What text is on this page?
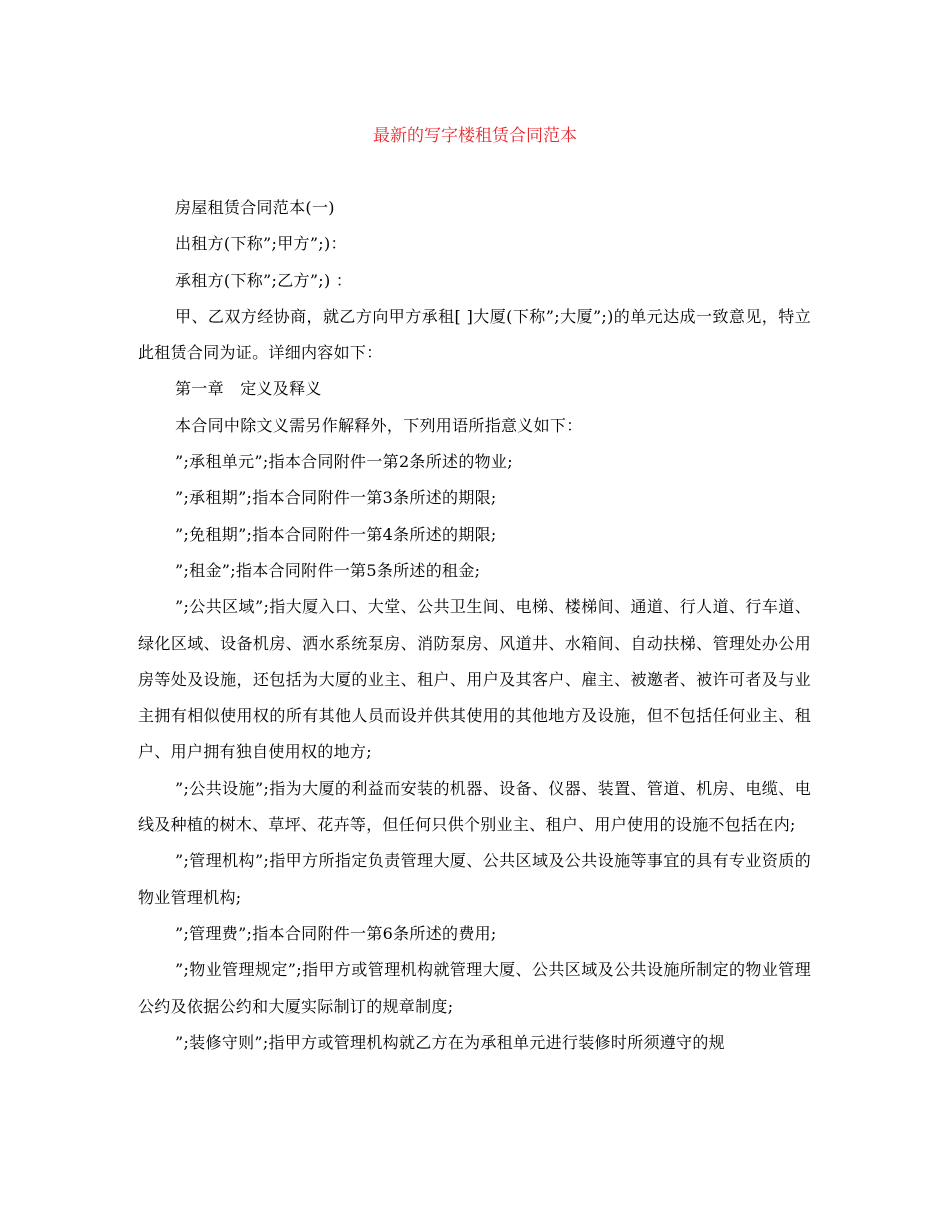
最新的写字楼租赁合同范本

房屋租赁合同范本(一)

出租方(下称”;甲方”;)：

承租方(下称”;乙方”;) ：

甲、乙双方经协商，就乙方向甲方承租[ ]大厦(下称”;大厦”;)的单元达成一致意见，特立此租赁合同为证。详细内容如下：

第一章　定义及释义

本合同中除文义需另作解释外，下列用语所指意义如下：

”;承租单元”;指本合同附件一第2条所述的物业;

”;承租期”;指本合同附件一第3条所述的期限;

”;免租期”;指本合同附件一第4条所述的期限;

”;租金”;指本合同附件一第5条所述的租金;

”;公共区域”;指大厦入口、大堂、公共卫生间、电梯、楼梯间、通道、行人道、行车道、绿化区域、设备机房、洒水系统泵房、消防泵房、风道井、水箱间、自动扶梯、管理处办公用房等处及设施，还包括为大厦的业主、租户、用户及其客户、雇主、被邀者、被许可者及与业主拥有相似使用权的所有其他人员而设并供其使用的其他地方及设施，但不包括任何业主、租户、用户拥有独自使用权的地方;

”;公共设施”;指为大厦的利益而安装的机器、设备、仪器、装置、管道、机房、电缆、电线及种植的树木、草坪、花卉等，但任何只供个别业主、租户、用户使用的设施不包括在内;

”;管理机构”;指甲方所指定负责管理大厦、公共区域及公共设施等事宜的具有专业资质的物业管理机构;

”;管理费”;指本合同附件一第6条所述的费用;

”;物业管理规定”;指甲方或管理机构就管理大厦、公共区域及公共设施所制定的物业管理公约及依据公约和大厦实际制订的规章制度;

”;装修守则”;指甲方或管理机构就乙方在为承租单元进行装修时所须遵守的规
